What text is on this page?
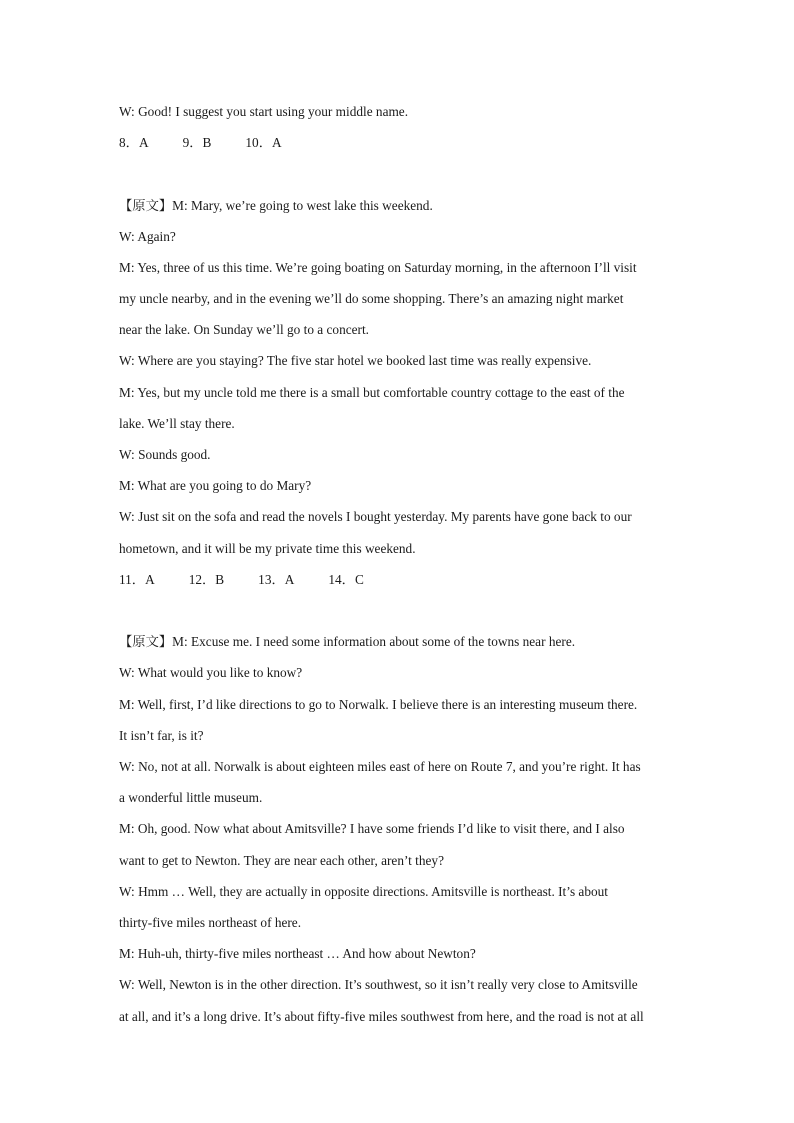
W: Good! I suggest you start using your middle name.
8．A	9．B	10．A
【原文】M: Mary, we’re going to west lake this weekend.
W: Again?
M: Yes, three of us this time. We’re going boating on Saturday morning, in the afternoon I’ll visit
my uncle nearby, and in the evening we’ll do some shopping. There’s an amazing night market
near the lake. On Sunday we’ll go to a concert.
W: Where are you staying? The five star hotel we booked last time was really expensive.
M: Yes, but my uncle told me there is a small but comfortable country cottage to the east of the
lake. We’ll stay there.
W: Sounds good.
M: What are you going to do Mary?
W: Just sit on the sofa and read the novels I bought yesterday. My parents have gone back to our
hometown, and it will be my private time this weekend.
11．A	12．B	13．A	14．C
【原文】M: Excuse me. I need some information about some of the towns near here.
W: What would you like to know?
M: Well, first, I’d like directions to go to Norwalk. I believe there is an interesting museum there.
It isn’t far, is it?
W: No, not at all. Norwalk is about eighteen miles east of here on Route 7, and you’re right. It has
a wonderful little museum.
M: Oh, good. Now what about Amitsville? I have some friends I’d like to visit there, and I also
want to get to Newton. They are near each other, aren’t they?
W: Hmm … Well, they are actually in opposite directions. Amitsville is northeast. It’s about
thirty-five miles northeast of here.
M: Huh-uh, thirty-five miles northeast … And how about Newton?
W: Well, Newton is in the other direction. It’s southwest, so it isn’t really very close to Amitsville
at all, and it’s a long drive. It’s about fifty-five miles southwest from here, and the road is not at all
